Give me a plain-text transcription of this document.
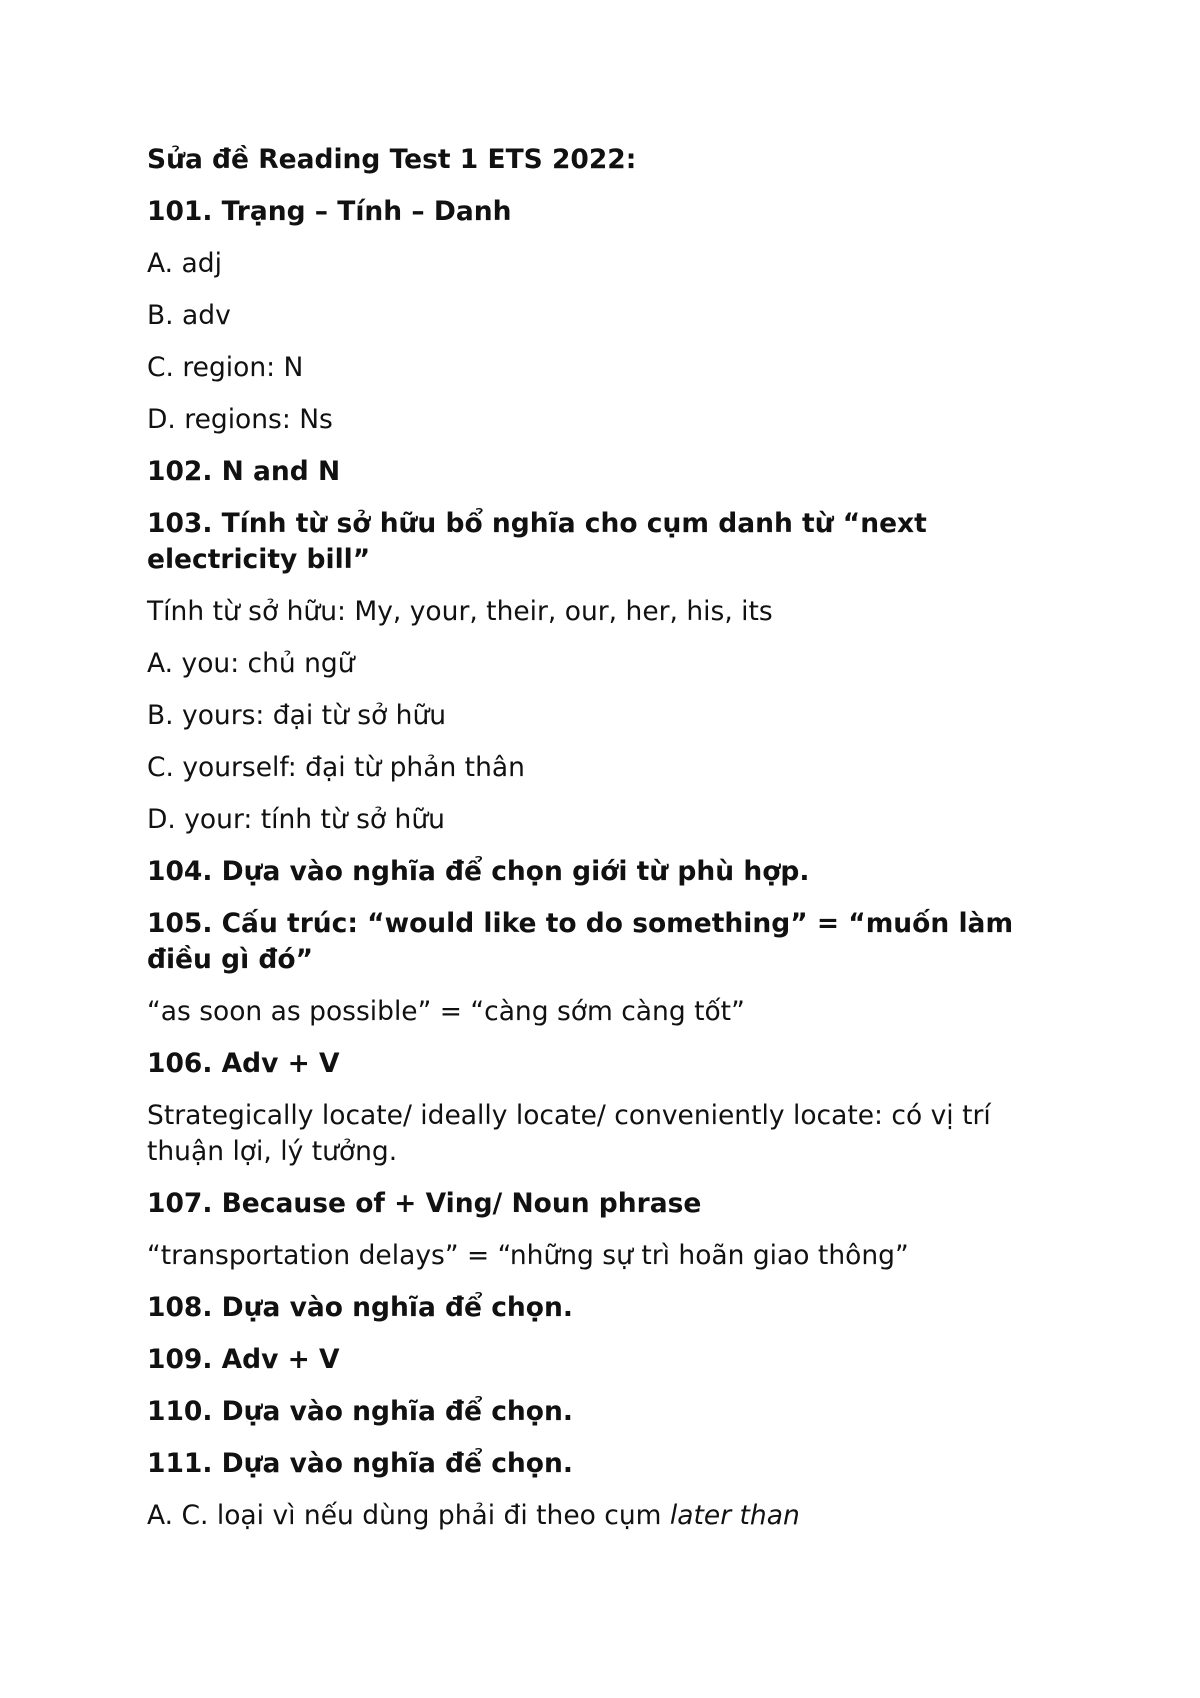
Sửa đề Reading Test 1 ETS 2022:

101. Trạng – Tính – Danh

A. adj

B. adv

C. region: N

D. regions: Ns

102. N and N

103. Tính từ sở hữu bổ nghĩa cho cụm danh từ “next electricity bill”

Tính từ sở hữu: My, your, their, our, her, his, its

A. you: chủ ngữ

B. yours: đại từ sở hữu

C. yourself: đại từ phản thân

D. your: tính từ sở hữu

104. Dựa vào nghĩa để chọn giới từ phù hợp.

105. Cấu trúc: “would like to do something” = “muốn làm điều gì đó”

“as soon as possible” = “càng sớm càng tốt”

106. Adv + V

Strategically locate/ ideally locate/ conveniently locate: có vị trí thuận lợi, lý tưởng.

107. Because of + Ving/ Noun phrase

“transportation delays” = “những sự trì hoãn giao thông”

108. Dựa vào nghĩa để chọn.

109. Adv + V

110. Dựa vào nghĩa để chọn.

111. Dựa vào nghĩa để chọn.

A. C. loại vì nếu dùng phải đi theo cụm later than
